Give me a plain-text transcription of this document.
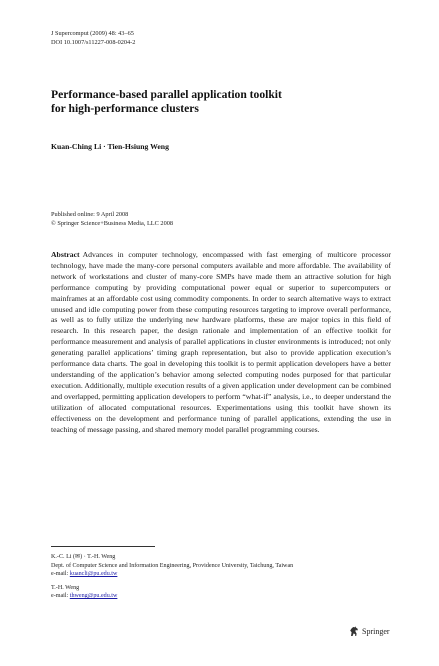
J Supercomput (2009) 48: 43–65
DOI 10.1007/s11227-008-0204-2
Performance-based parallel application toolkit
for high-performance clusters
Kuan-Ching Li · Tien-Hsiung Weng
Published online: 9 April 2008
© Springer Science+Business Media, LLC 2008
Abstract Advances in computer technology, encompassed with fast emerging of multicore processor technology, have made the many-core personal computers available and more affordable. The availability of network of workstations and cluster of many-core SMPs have made them an attractive solution for high performance computing by providing computational power equal or superior to supercomputers or mainframes at an affordable cost using commodity components. In order to search alternative ways to extract unused and idle computing power from these computing resources targeting to improve overall performance, as well as to fully utilize the underlying new hardware platforms, these are major topics in this field of research. In this research paper, the design rationale and implementation of an effective toolkit for performance measurement and analysis of parallel applications in cluster environments is introduced; not only generating parallel applications’ timing graph representation, but also to provide application execution’s performance data charts. The goal in developing this toolkit is to permit application developers have a better understanding of the application’s behavior among selected computing nodes purposed for that particular execution. Additionally, multiple execution results of a given application under development can be combined and overlapped, permitting application developers to perform “what-if” analysis, i.e., to deeper understand the utilization of allocated computational resources. Experimentations using this toolkit have shown its effectiveness on the development and performance tuning of parallel applications, extending the use in teaching of message passing, and shared memory model parallel programming courses.
K.-C. Li (✉) · T.-H. Weng
Dept. of Computer Science and Information Engineering, Providence University, Taichung, Taiwan
e-mail: kuancli@pu.edu.tw
T.-H. Weng
e-mail: thweng@pu.edu.tw
Springer
